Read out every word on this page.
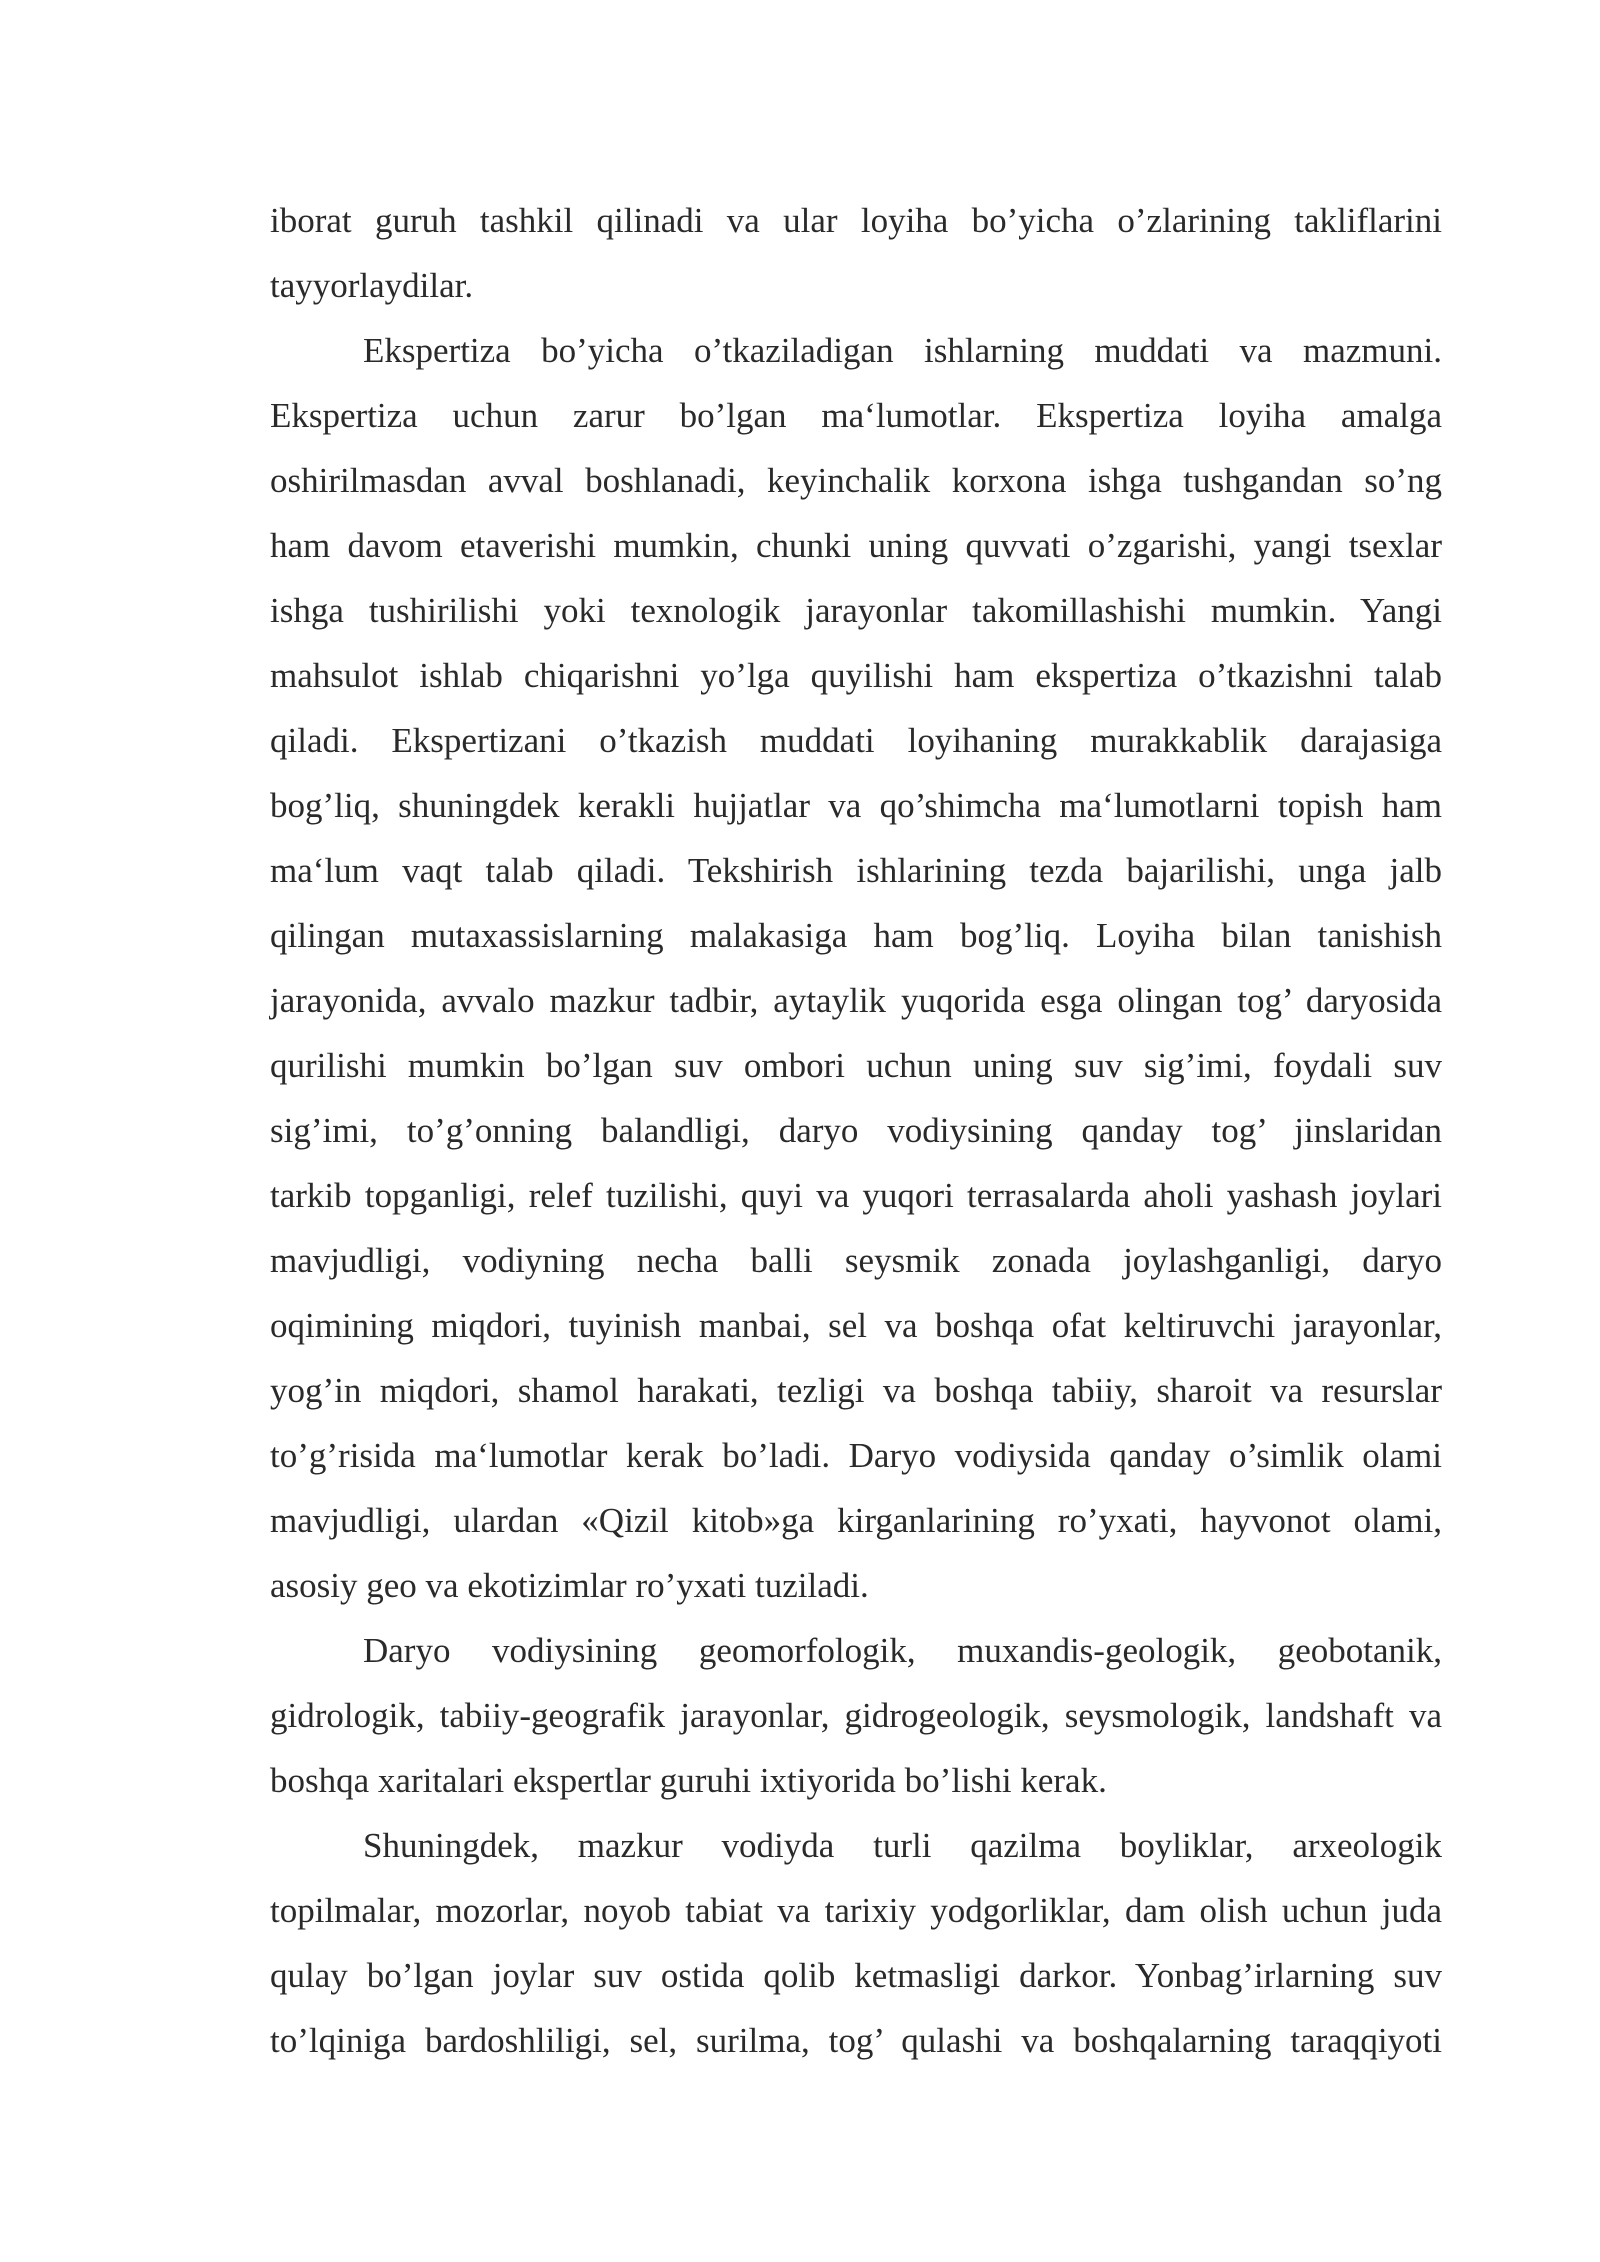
iborat guruh tashkil qilinadi va ular loyiha bo’yicha o’zlarining takliflarini
tayyorlaydilar.
Ekspertiza bo’yicha o’tkaziladigan ishlarning muddati va mazmuni.
Ekspertiza uchun zarur bo’lgan ma‘lumotlar. Ekspertiza loyiha amalga
oshirilmasdan avval boshlanadi, keyinchalik korxona ishga tushgandan so’ng
ham davom etaverishi mumkin, chunki uning quvvati o’zgarishi, yangi tsexlar
ishga tushirilishi yoki texnologik jarayonlar takomillashishi mumkin. Yangi
mahsulot ishlab chiqarishni yo’lga quyilishi ham ekspertiza o’tkazishni talab
qiladi. Ekspertizani o’tkazish muddati loyihaning murakkablik darajasiga
bog’liq, shuningdek kerakli hujjatlar va qo’shimcha ma‘lumotlarni topish ham
ma‘lum vaqt talab qiladi. Tekshirish ishlarining tezda bajarilishi, unga jalb
qilingan mutaxassislarning malakasiga ham bog’liq. Loyiha bilan tanishish
jarayonida, avvalo mazkur tadbir, aytaylik yuqorida esga olingan tog’ daryosida
qurilishi mumkin bo’lgan suv ombori uchun uning suv sig’imi, foydali suv
sig’imi, to’g’onning balandligi, daryo vodiysining qanday tog’ jinslaridan
tarkib topganligi, relef tuzilishi, quyi va yuqori terrasalarda aholi yashash joylari
mavjudligi, vodiyning necha balli seysmik zonada joylashganligi, daryo
oqimining miqdori, tuyinish manbai, sel va boshqa ofat keltiruvchi jarayonlar,
yog’in miqdori, shamol harakati, tezligi va boshqa tabiiy, sharoit va resurslar
to’g’risida ma‘lumotlar kerak bo’ladi. Daryo vodiysida qanday o’simlik olami
mavjudligi, ulardan «Qizil kitob»ga kirganlarining ro’yxati, hayvonot olami,
asosiy geo va ekotizimlar ro’yxati tuziladi.
Daryo vodiysining geomorfologik, muxandis-geologik, geobotanik,
gidrologik, tabiiy-geografik jarayonlar, gidrogeologik, seysmologik, landshaft va
boshqa xaritalari ekspertlar guruhi ixtiyorida bo’lishi kerak.
Shuningdek, mazkur vodiyda turli qazilma boyliklar, arxeologik
topilmalar, mozorlar, noyob tabiat va tarixiy yodgorliklar, dam olish uchun juda
qulay bo’lgan joylar suv ostida qolib ketmasligi darkor. Yonbag’irlarning suv
to’lqiniga bardoshliligi, sel, surilma, tog’ qulashi va boshqalarning taraqqiyoti
